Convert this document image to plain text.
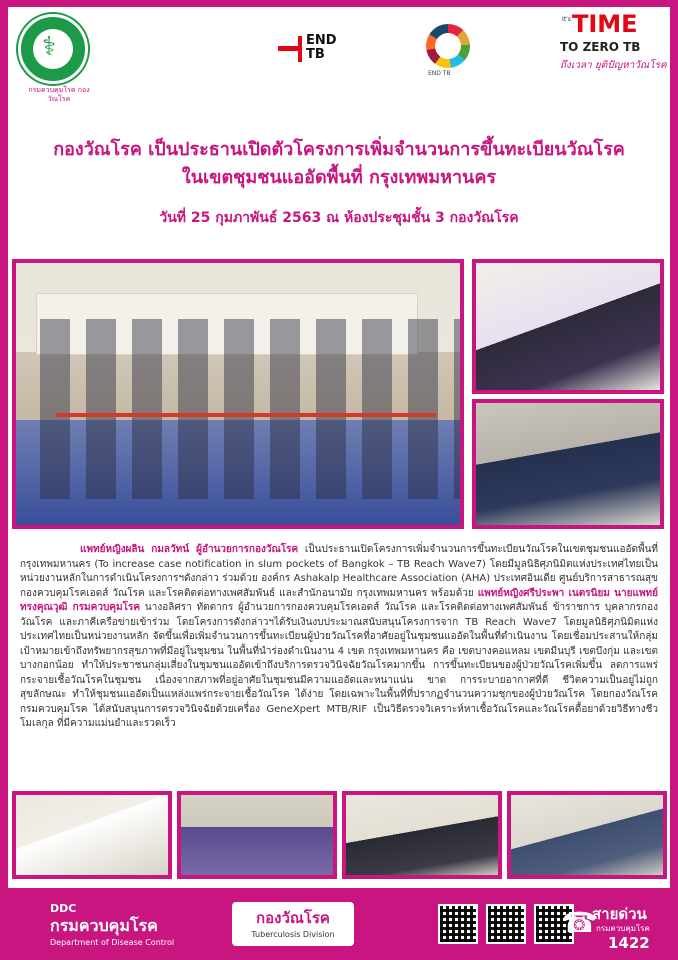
⚕
กรมควบคุมโรค กองวัณโรค
END TB
END TB
It's TIME
TO ZERO TB
ถึงเวลา ยุติปัญหาวัณโรค
กองวัณโรค เป็นประธานเปิดตัวโครงการเพิ่มจำนวนการขึ้นทะเบียนวัณโรค
ในเขตชุมชนแออัดพื้นที่ กรุงเทพมหานคร
วันที่ 25 กุมภาพันธ์ 2563 ณ ห้องประชุมชั้น 3 กองวัณโรค
แพทย์หญิงผลิน กมลวัทน์ ผู้อำนวยการกองวัณโรค เป็นประธานเปิดโครงการเพิ่มจำนวนการขึ้นทะเบียนวัณโรคในเขตชุมชนแออัดพื้นที่กรุงเทพมหานคร (To increase case notification in slum pockets of Bangkok – TB Reach Wave7) โดยมีมูลนิธิศุภนิมิตแห่งประเทศไทยเป็นหน่วยงานหลักในการดำเนินโครงการฯดังกล่าว ร่วมด้วย องค์กร Ashakalp Healthcare Association (AHA) ประเทศอินเดีย ศูนย์บริการสาธารณสุข กองควบคุมโรคเอดส์ วัณโรค และโรคติดต่อทางเพศสัมพันธ์ และสำนักอนามัย กรุงเทพมหานคร พร้อมด้วย แพทย์หญิงศรีประพา เนตรนิยม นายแพทย์ทรงคุณวุฒิ กรมควบคุมโรค นางอลิศรา ทัตตากร ผู้อำนวยการกองควบคุมโรคเอดส์ วัณโรค และโรคติดต่อทางเพศสัมพันธ์ ข้าราชการ บุคลากรกองวัณโรค และภาคีเครือข่ายเข้าร่วม โดยโครงการดังกล่าวฯได้รับเงินงบประมาณสนับสนุนโครงการจาก TB Reach Wave7 โดยมูลนิธิศุภนิมิตแห่งประเทศไทยเป็นหน่วยงานหลัก จัดขึ้นเพื่อเพิ่มจำนวนการขึ้นทะเบียนผู้ป่วยวัณโรคที่อาศัยอยู่ในชุมชนแออัดในพื้นที่ดำเนินงาน โดยเชื่อมประสานให้กลุ่มเป้าหมายเข้าถึงทรัพยากรสุขภาพที่มีอยู่ในชุมชน ในพื้นที่นำร่องดำเนินงาน 4 เขต กรุงเทพมหานคร คือ เขตบางคอแหลม เขตมีนบุรี เขตบึงกุ่ม และเขตบางกอกน้อย ทำให้ประชาชนกลุ่มเสี่ยงในชุมชนแออัดเข้าถึงบริการตรวจวินิจฉัยวัณโรคมากขึ้น การขึ้นทะเบียนของผู้ป่วยวัณโรคเพิ่มขึ้น ลดการแพร่กระจายเชื้อวัณโรคในชุมชน เนื่องจากสภาพที่อยู่อาศัยในชุมชนมีความแออัดและหนาแน่น ขาด การระบายอากาศที่ดี ชีวิตความเป็นอยู่ไม่ถูกสุขลักษณะ ทำให้ชุมชนแออัดเป็นแหล่งแพร่กระจายเชื้อวัณโรค ได้ง่าย โดยเฉพาะในพื้นที่ที่ปรากฏจำนวนความชุกของผู้ป่วยวัณโรค โดยกองวัณโรค กรมควบคุมโรค ได้สนับสนุนการตรวจวินิจฉัยด้วยเครื่อง GeneXpert MTB/RIF เป็นวิธีตรวจวิเคราะห์หาเชื้อวัณโรคและวัณโรคดื้อยาด้วยวิธีทางชีวโมเลกุล ที่มีความแม่นยำและรวดเร็ว
DDC
กรมควบคุมโรค
Department of Disease Control
กองวัณโรค
Tuberculosis Division	☎
สายด่วน
กรมควบคุมโรค
1422
